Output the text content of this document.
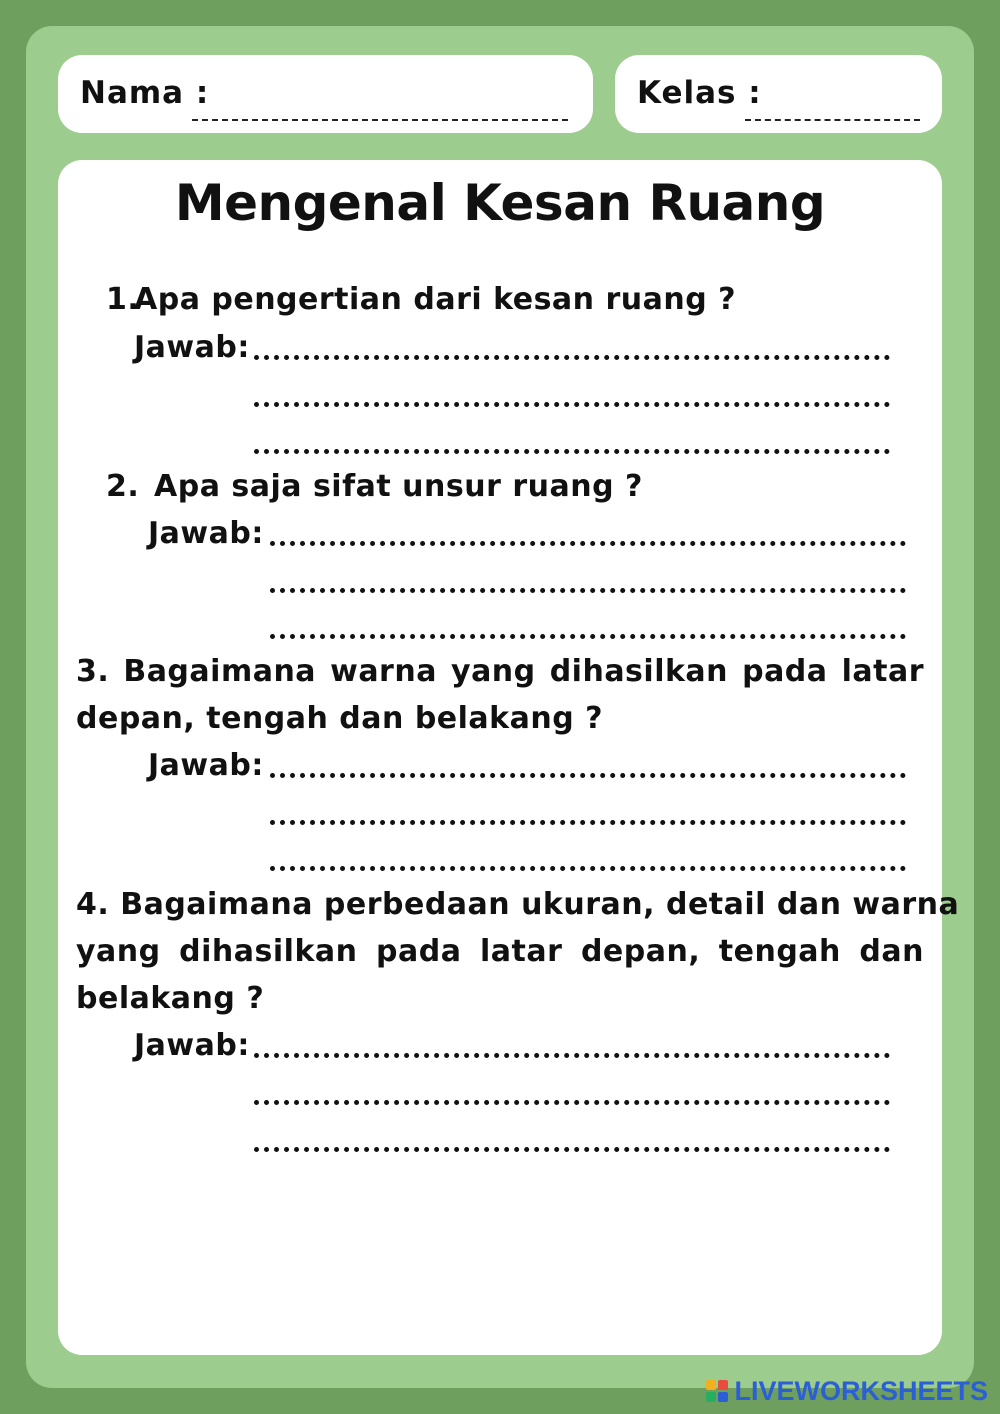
Nama :	Kelas :
Mengenal Kesan Ruang
1.
Apa pengertian dari kesan ruang ?
Jawab:
2. Apa saja sifat unsur ruang ?
Jawab:
3. Bagaimana warna yang dihasilkan pada latar
depan, tengah dan belakang ?
Jawab:
4. Bagaimana perbedaan ukuran, detail dan warna
yang dihasilkan pada latar depan, tengah dan
belakang ?
Jawab:
LIVEWORKSHEETS
